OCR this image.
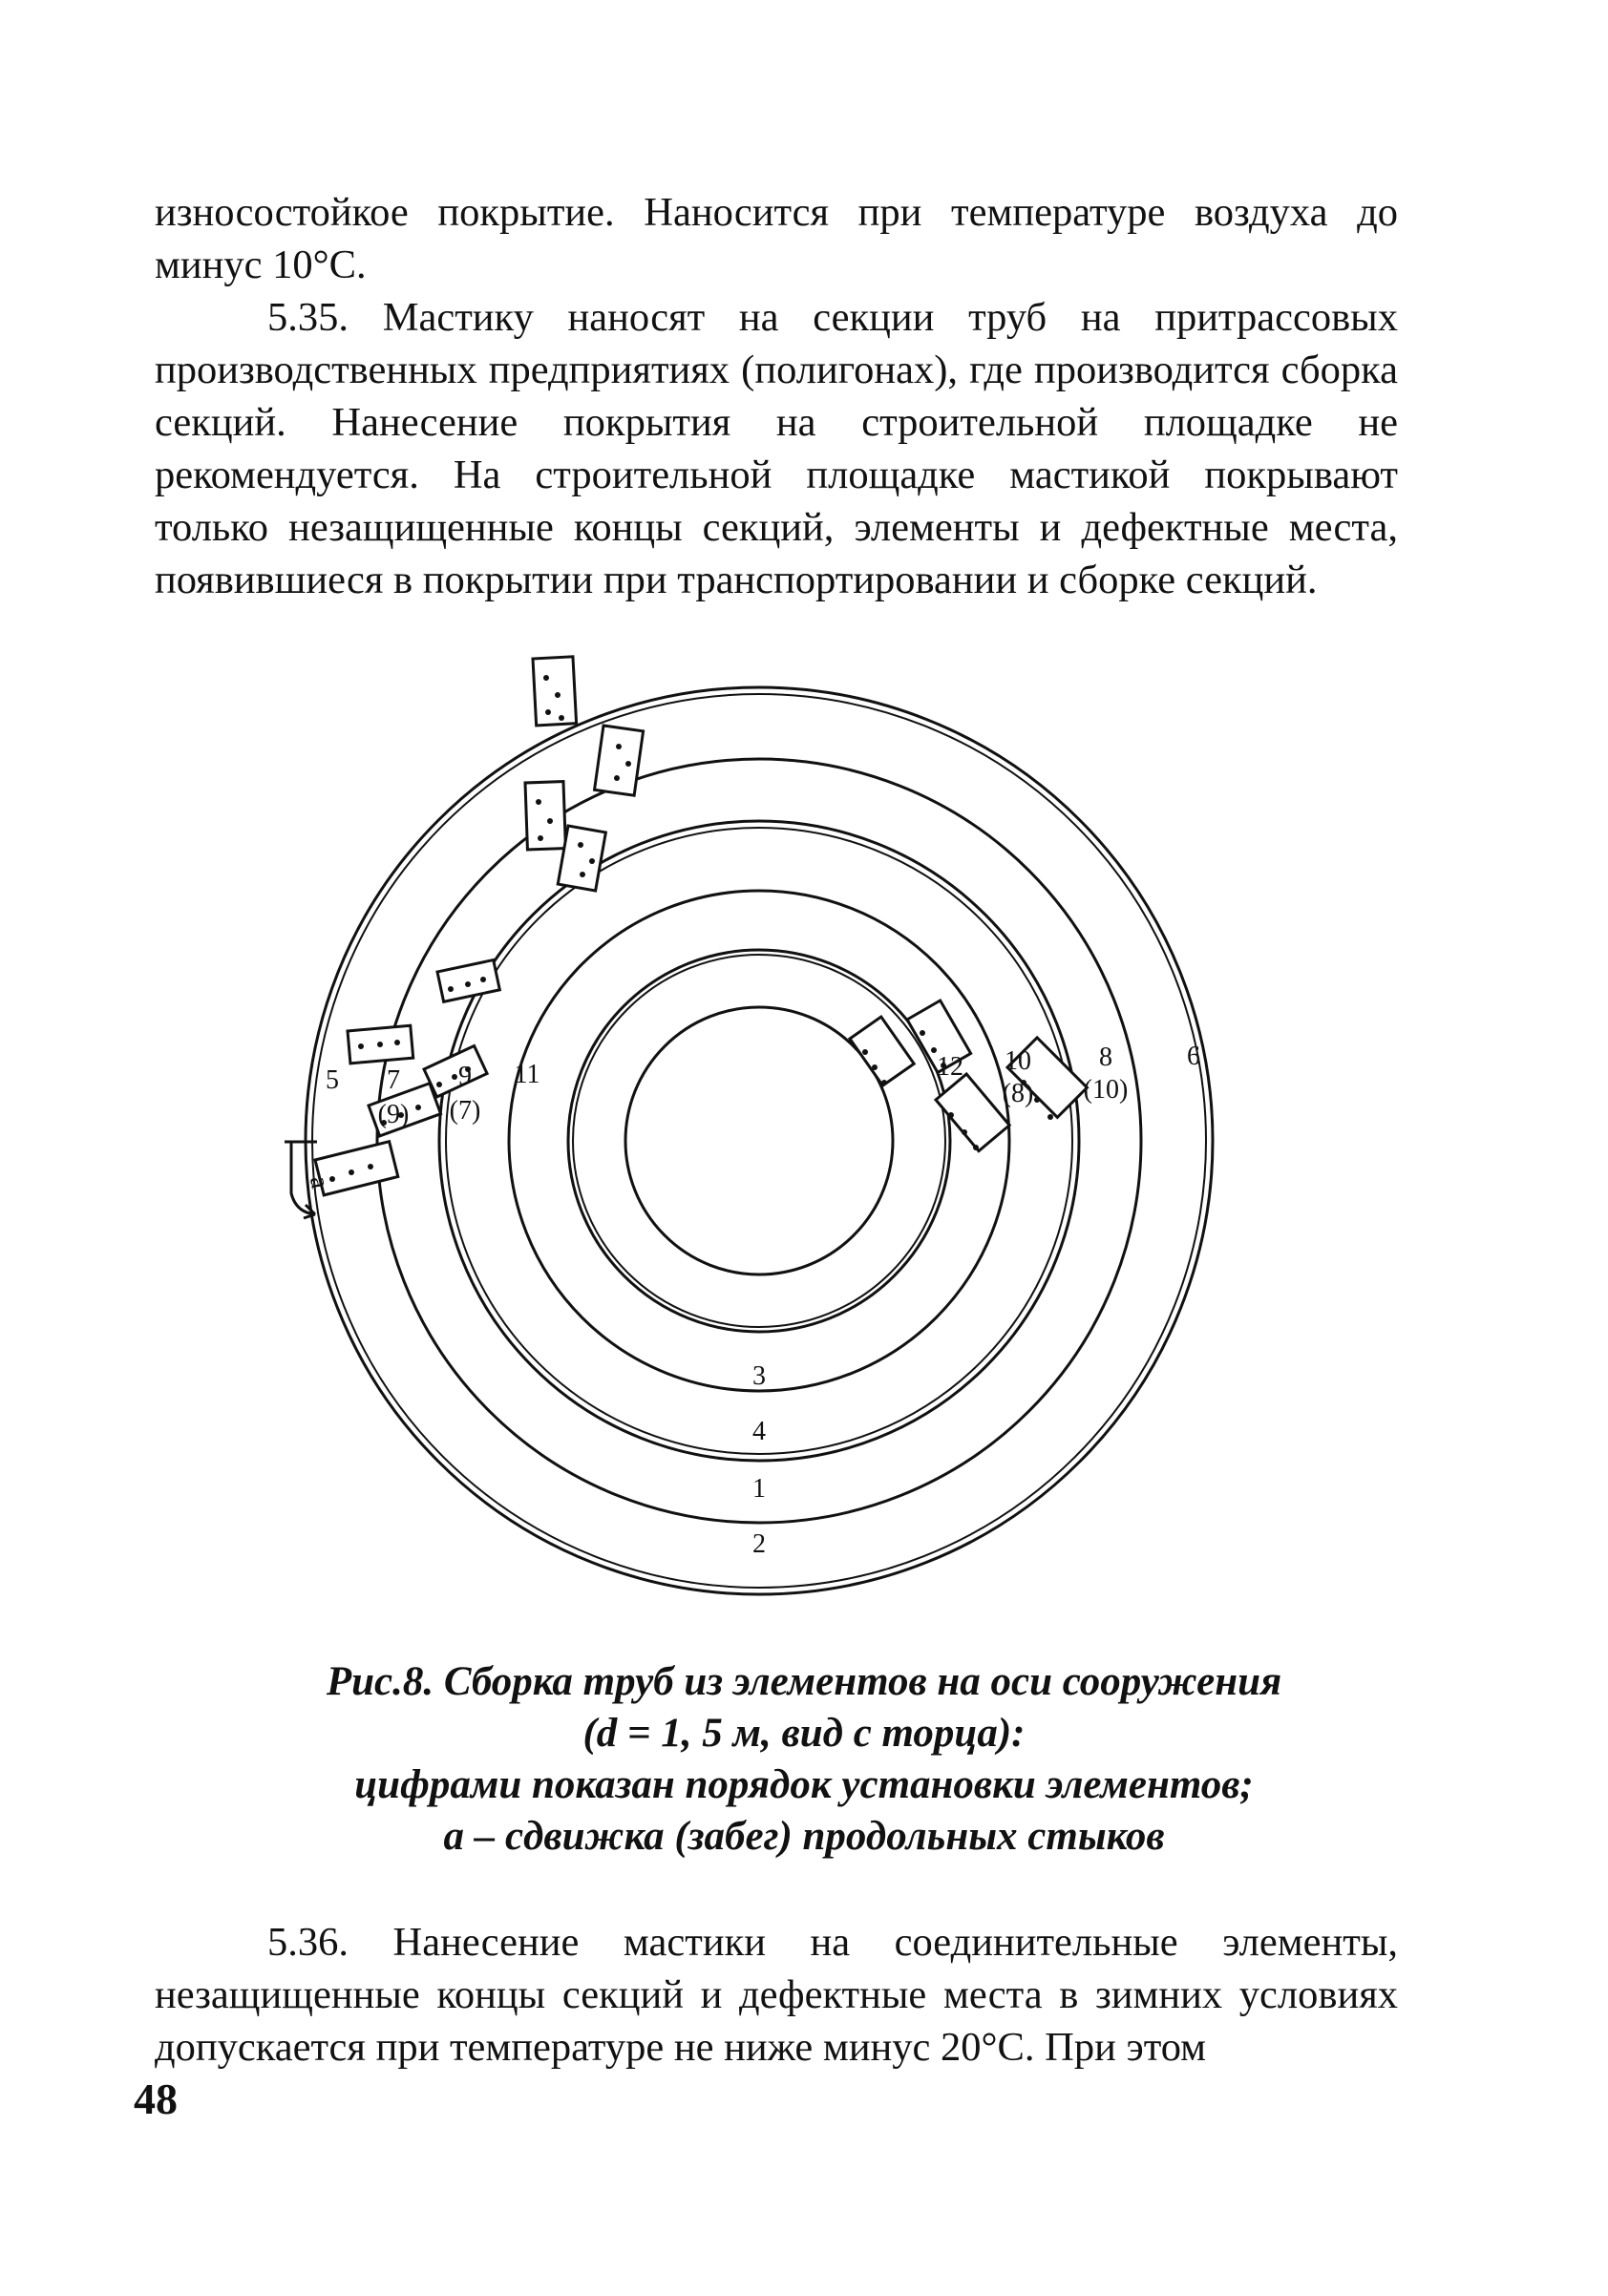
износостойкое покрытие. Наносится при температуре воздуха до минус 10°С.

5.35. Мастику наносят на секции труб на притрассовых производственных предприятиях (полигонах), где производится сборка секций. Нанесение покрытия на строительной площадке не рекомендуется. На строительной площадке мастикой покрывают только незащищенные концы секций, элементы и дефектные места, появившиеся в покрытии при транспортировании и сборке секций.

1
2
3
4
5
6
7
(9)
9
(7)
11	12 10
(8)
8
(10)
a
Рис.8. Сборка труб из элементов на оси сооружения
(d = 1, 5 м, вид с торца):
цифрами показан порядок установки элементов;
а – сдвижка (забег) продольных стыков

5.36. Нанесение мастики на соединительные элементы, незащищенные концы секций и дефектные места в зимних условиях допускается при температуре не ниже минус 20°С. При этом

48
